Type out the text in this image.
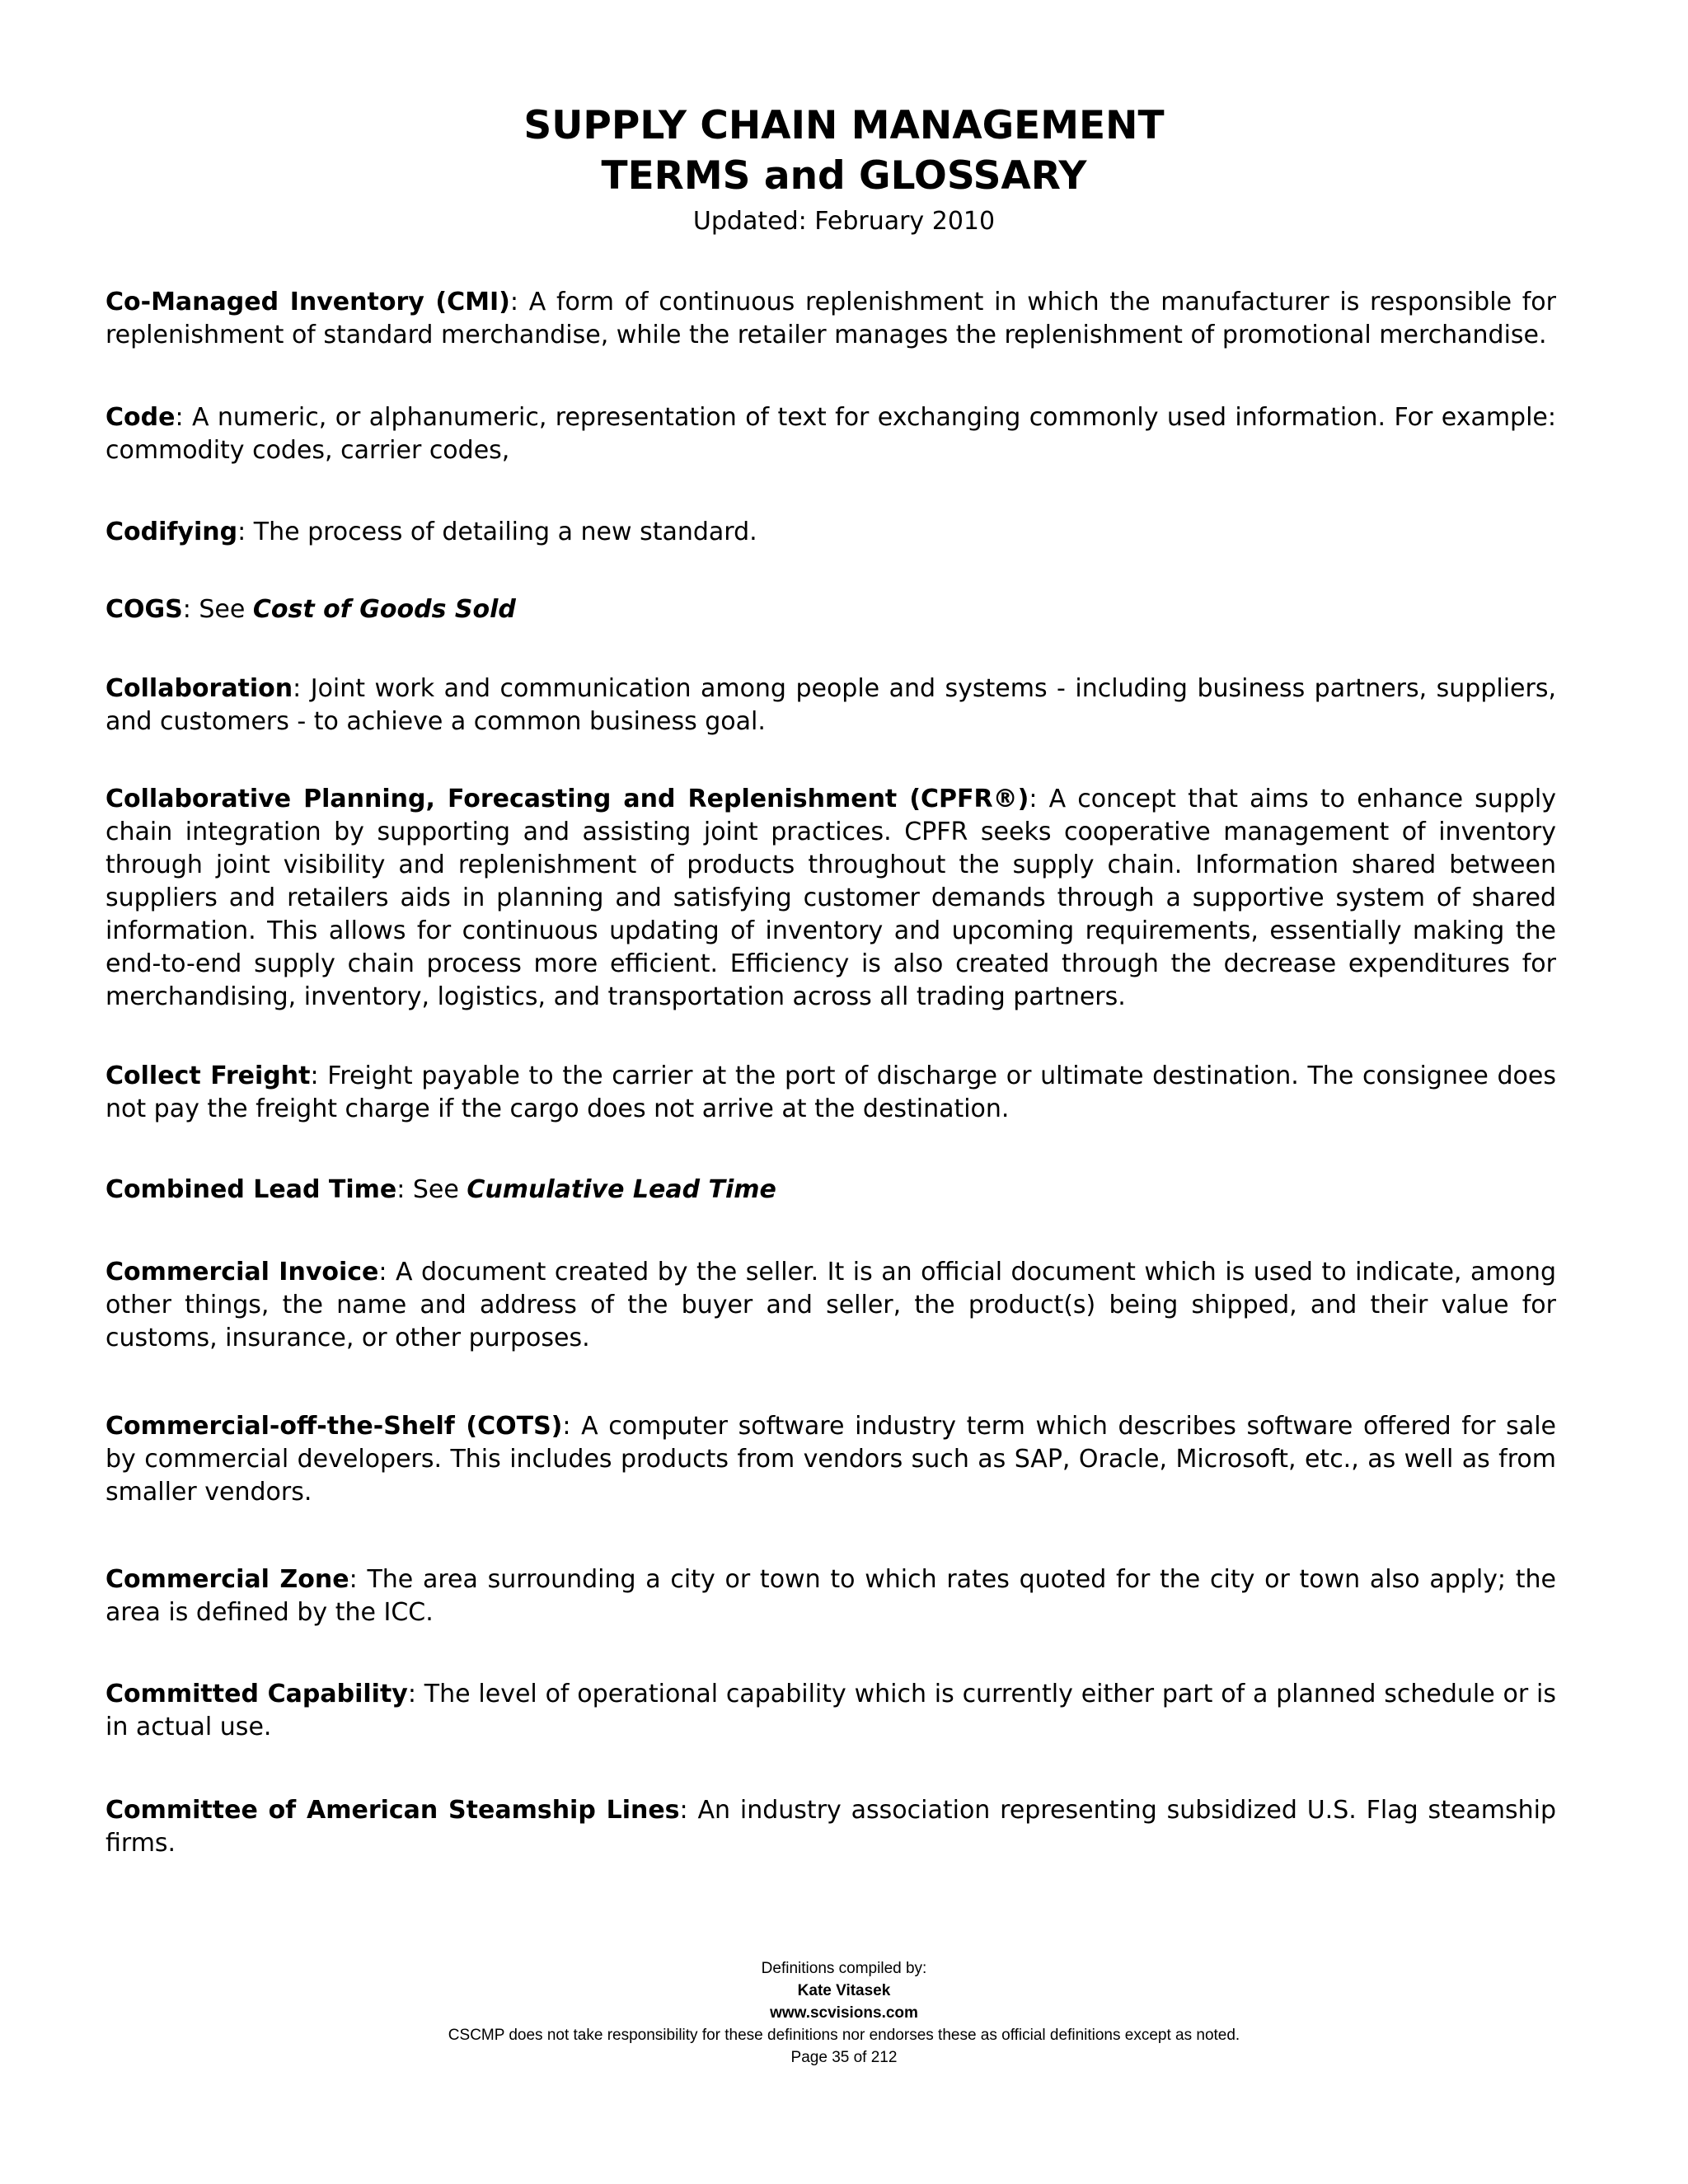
SUPPLY CHAIN MANAGEMENT
TERMS and GLOSSARY
Updated: February 2010
Co-Managed Inventory (CMI): A form of continuous replenishment in which the manufacturer is responsible for replenishment of standard merchandise, while the retailer manages the replenishment of promotional merchandise.
Code: A numeric, or alphanumeric, representation of text for exchanging commonly used information. For example: commodity codes, carrier codes,
Codifying: The process of detailing a new standard.
COGS: See Cost of Goods Sold
Collaboration: Joint work and communication among people and systems - including business partners, suppliers, and customers - to achieve a common business goal.
Collaborative Planning, Forecasting and Replenishment (CPFR®): A concept that aims to enhance supply chain integration by supporting and assisting joint practices. CPFR seeks cooperative management of inventory through joint visibility and replenishment of products throughout the supply chain. Information shared between suppliers and retailers aids in planning and satisfying customer demands through a supportive system of shared information. This allows for continuous updating of inventory and upcoming requirements, essentially making the end-to-end supply chain process more efficient. Efficiency is also created through the decrease expenditures for merchandising, inventory, logistics, and transportation across all trading partners.
Collect Freight: Freight payable to the carrier at the port of discharge or ultimate destination. The consignee does not pay the freight charge if the cargo does not arrive at the destination.
Combined Lead Time: See Cumulative Lead Time
Commercial Invoice: A document created by the seller. It is an official document which is used to indicate, among other things, the name and address of the buyer and seller, the product(s) being shipped, and their value for customs, insurance, or other purposes.
Commercial-off-the-Shelf (COTS): A computer software industry term which describes software offered for sale by commercial developers. This includes products from vendors such as SAP, Oracle, Microsoft, etc., as well as from smaller vendors.
Commercial Zone: The area surrounding a city or town to which rates quoted for the city or town also apply; the area is defined by the ICC.
Committed Capability: The level of operational capability which is currently either part of a planned schedule or is in actual use.
Committee of American Steamship Lines: An industry association representing subsidized U.S. Flag steamship firms.
Definitions compiled by:
Kate Vitasek
www.scvisions.com
CSCMP does not take responsibility for these definitions nor endorses these as official definitions except as noted.
Page 35 of 212
